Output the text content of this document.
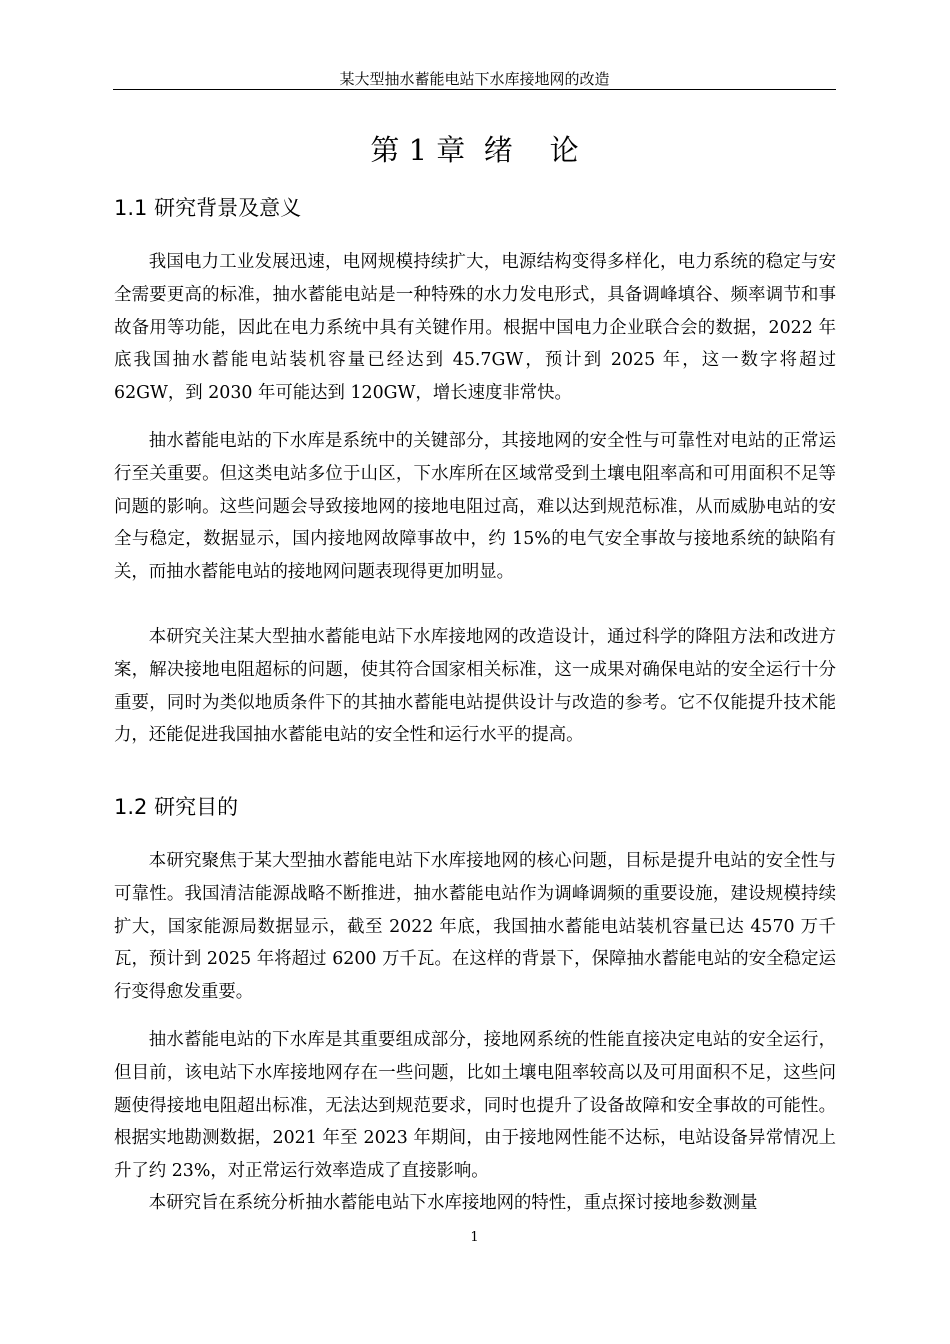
某大型抽水蓄能电站下水库接地网的改造
第 1 章  绪    论
1.1 研究背景及意义

我国电力工业发展迅速，电网规模持续扩大，电源结构变得多样化，电力系统的稳定与安全需要更高的标准，抽水蓄能电站是一种特殊的水力发电形式，具备调峰填谷、频率调节和事故备用等功能，因此在电力系统中具有关键作用。根据中国电力企业联合会的数据，2022 年底我国抽水蓄能电站装机容量已经达到 45.7GW，预计到 2025 年，这一数字将超过 62GW，到 2030 年可能达到 120GW，增长速度非常快。

抽水蓄能电站的下水库是系统中的关键部分，其接地网的安全性与可靠性对电站的正常运行至关重要。但这类电站多位于山区，下水库所在区域常受到土壤电阻率高和可用面积不足等问题的影响。这些问题会导致接地网的接地电阻过高，难以达到规范标准，从而威胁电站的安全与稳定，数据显示，国内接地网故障事故中，约 15%的电气安全事故与接地系统的缺陷有关，而抽水蓄能电站的接地网问题表现得更加明显。

本研究关注某大型抽水蓄能电站下水库接地网的改造设计，通过科学的降阻方法和改进方案，解决接地电阻超标的问题，使其符合国家相关标准，这一成果对确保电站的安全运行十分重要，同时为类似地质条件下的其抽水蓄能电站提供设计与改造的参考。它不仅能提升技术能力，还能促进我国抽水蓄能电站的安全性和运行水平的提高。

1.2 研究目的

本研究聚焦于某大型抽水蓄能电站下水库接地网的核心问题，目标是提升电站的安全性与可靠性。我国清洁能源战略不断推进，抽水蓄能电站作为调峰调频的重要设施，建设规模持续扩大，国家能源局数据显示，截至 2022 年底，我国抽水蓄能电站装机容量已达 4570 万千瓦，预计到 2025 年将超过 6200 万千瓦。在这样的背景下，保障抽水蓄能电站的安全稳定运行变得愈发重要。

抽水蓄能电站的下水库是其重要组成部分，接地网系统的性能直接决定电站的安全运行，但目前，该电站下水库接地网存在一些问题，比如土壤电阻率较高以及可用面积不足，这些问题使得接地电阻超出标准，无法达到规范要求，同时也提升了设备故障和安全事故的可能性。根据实地勘测数据，2021 年至 2023 年期间，由于接地网性能不达标，电站设备异常情况上升了约 23%，对正常运行效率造成了直接影响。

本研究旨在系统分析抽水蓄能电站下水库接地网的特性，重点探讨接地参数测量

1
